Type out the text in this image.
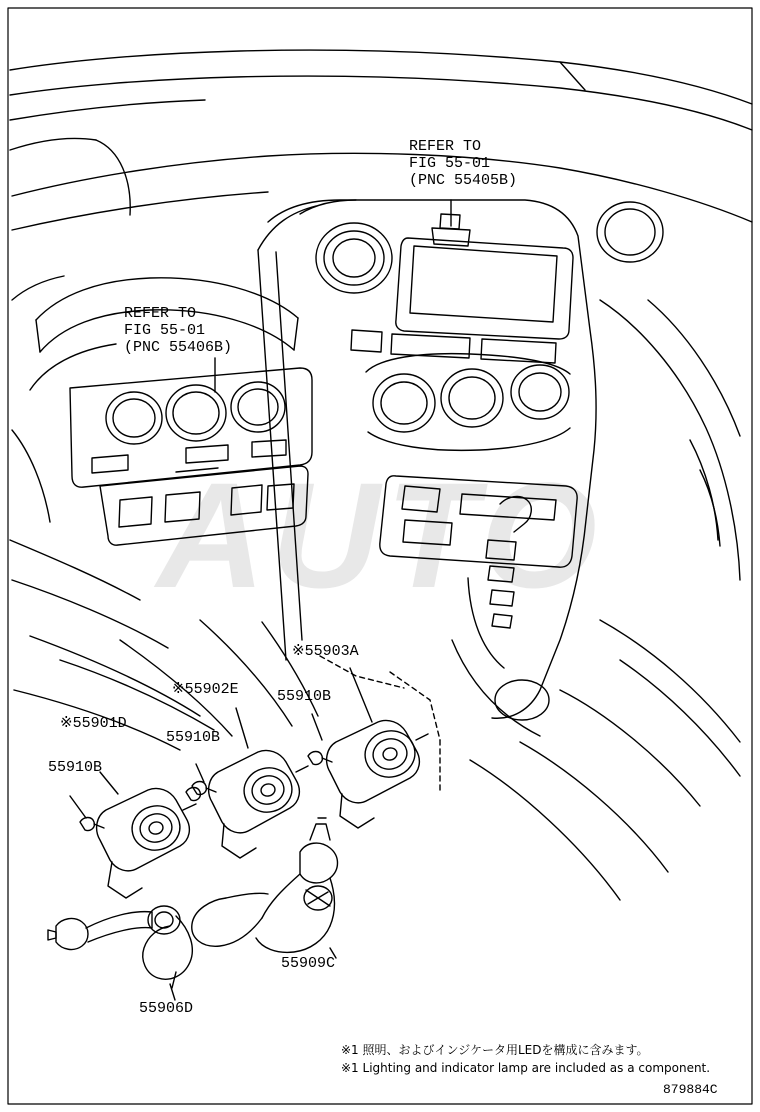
AUTO
REFER TO
FIG 55-01
(PNC 55405B)
REFER TO
FIG 55-01
(PNC 55406B)
※55903A
※55902E
※55901D
55910B
55910B
55910B
55909C
55906D
※1 照明、およびインジケータ用LEDを構成に含みます。
※1 Lighting and indicator lamp are included as a component.
879884C
